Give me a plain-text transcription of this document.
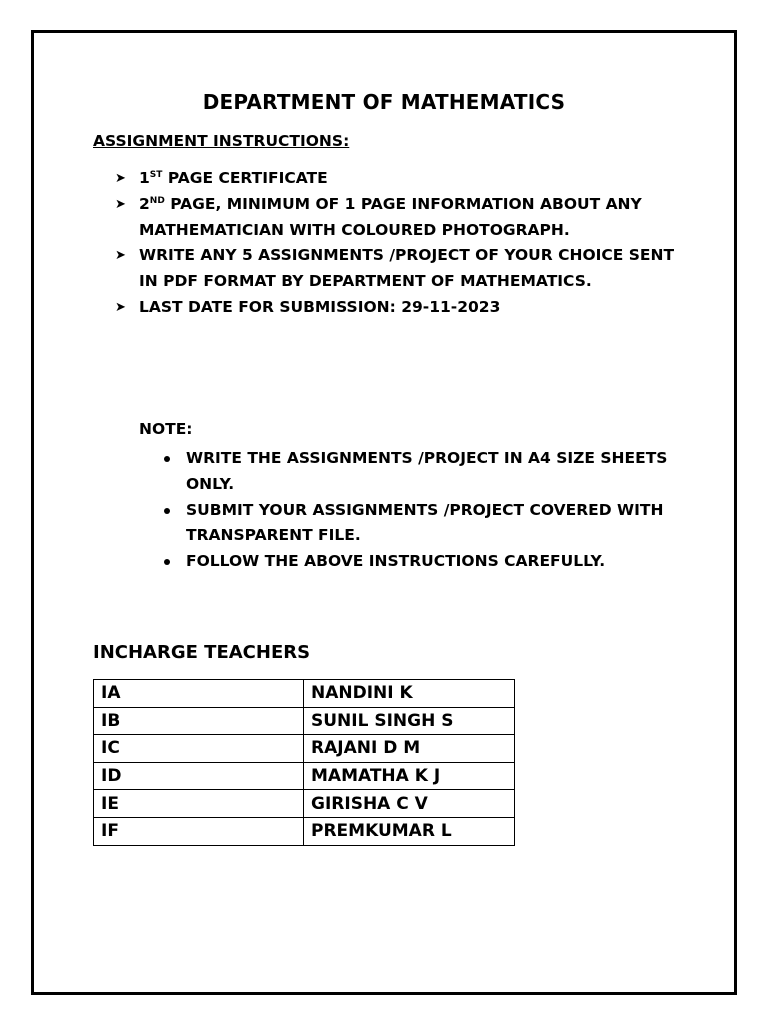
DEPARTMENT OF MATHEMATICS
ASSIGNMENT INSTRUCTIONS:
➤ 1ST PAGE CERTIFICATE
➤ 2ND PAGE, MINIMUM OF 1 PAGE INFORMATION ABOUT ANY MATHEMATICIAN WITH COLOURED PHOTOGRAPH.
➤ WRITE ANY 5 ASSIGNMENTS /PROJECT OF YOUR CHOICE SENT IN PDF FORMAT BY DEPARTMENT OF MATHEMATICS.
➤ LAST DATE FOR SUBMISSION: 29-11-2023
NOTE:
WRITE THE ASSIGNMENTS /PROJECT IN A4 SIZE SHEETS ONLY.
SUBMIT YOUR ASSIGNMENTS /PROJECT COVERED WITH TRANSPARENT FILE.
FOLLOW THE ABOVE INSTRUCTIONS CAREFULLY.
INCHARGE TEACHERS
IA	NANDINI K
IB	SUNIL SINGH S
IC	RAJANI D M
ID	MAMATHA K J
IE	GIRISHA C V
IF	PREMKUMAR L
